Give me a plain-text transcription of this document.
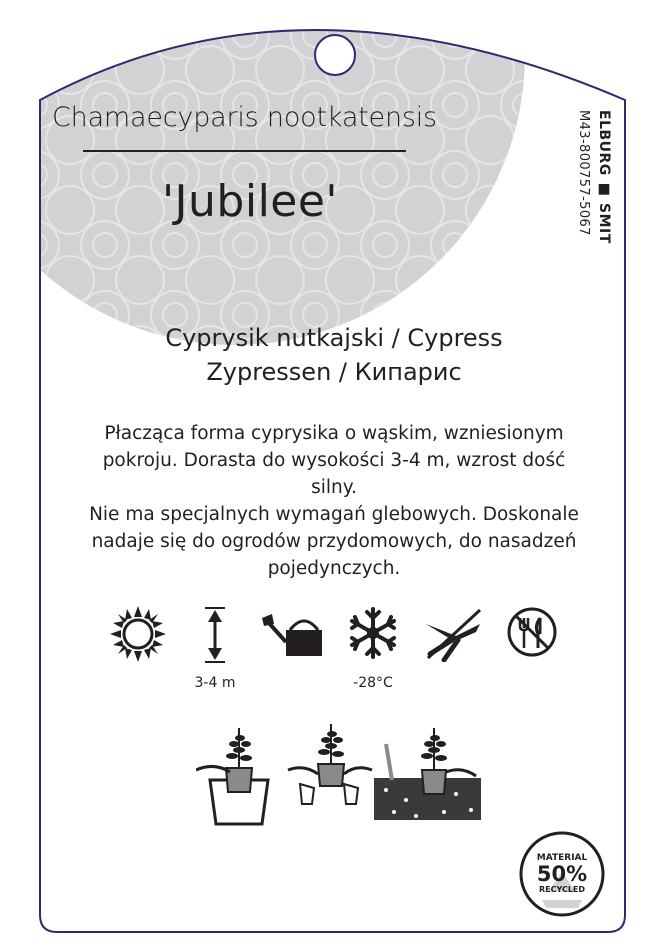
Chamaecyparis nootkatensis
'Jubilee'	ELBURG ■ SMIT
M43-800757-5067
Cyprysik nutkajski / Cypress
Zypressen / Кипарис
Płacząca forma cyprysika o wąskim, wzniesionym
pokroju. Dorasta do wysokości 3-4 m, wzrost dość silny.
Nie ma specjalnych wymagań glebowych. Doskonale
nadaje się do ogrodów przydomowych, do nasadzeń
pojedynczych.
3-4 m	-28°C
MATERIAL
50%
RECYCLED
